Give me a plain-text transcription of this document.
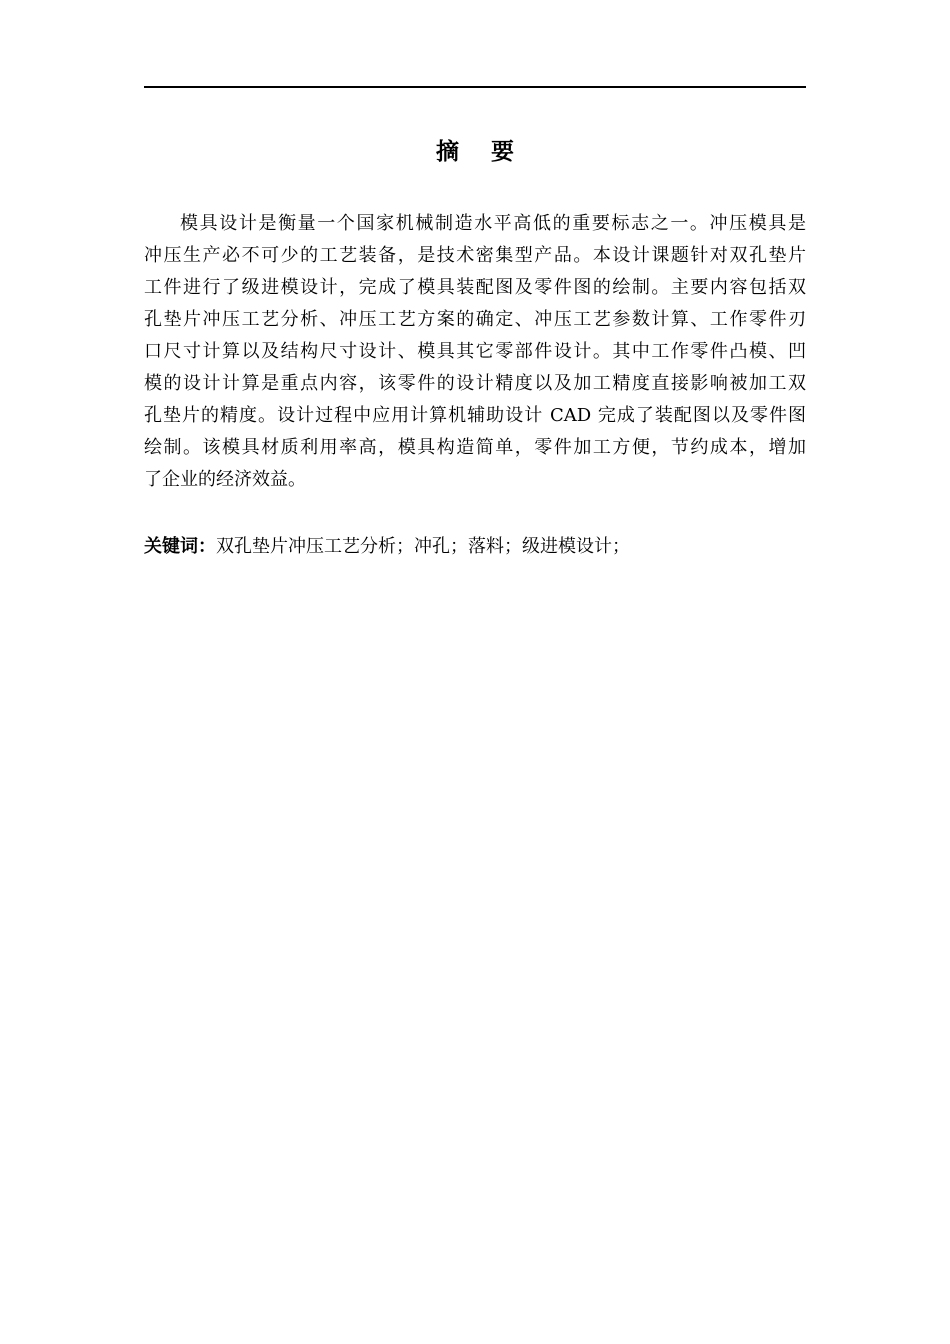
摘    要
模具设计是衡量一个国家机械制造水平高低的重要标志之一。冲压模具是
冲压生产必不可少的工艺装备，是技术密集型产品。本设计课题针对双孔垫片
工件进行了级进模设计，完成了模具装配图及零件图的绘制。主要内容包括双
孔垫片冲压工艺分析、冲压工艺方案的确定、冲压工艺参数计算、工作零件刃
口尺寸计算以及结构尺寸设计、模具其它零部件设计。其中工作零件凸模、凹
模的设计计算是重点内容，该零件的设计精度以及加工精度直接影响被加工双
孔垫片的精度。设计过程中应用计算机辅助设计 CAD 完成了装配图以及零件图
绘制。该模具材质利用率高，模具构造简单，零件加工方便，节约成本，增加
了企业的经济效益。
关键词：双孔垫片冲压工艺分析；冲孔；落料；级进模设计；
